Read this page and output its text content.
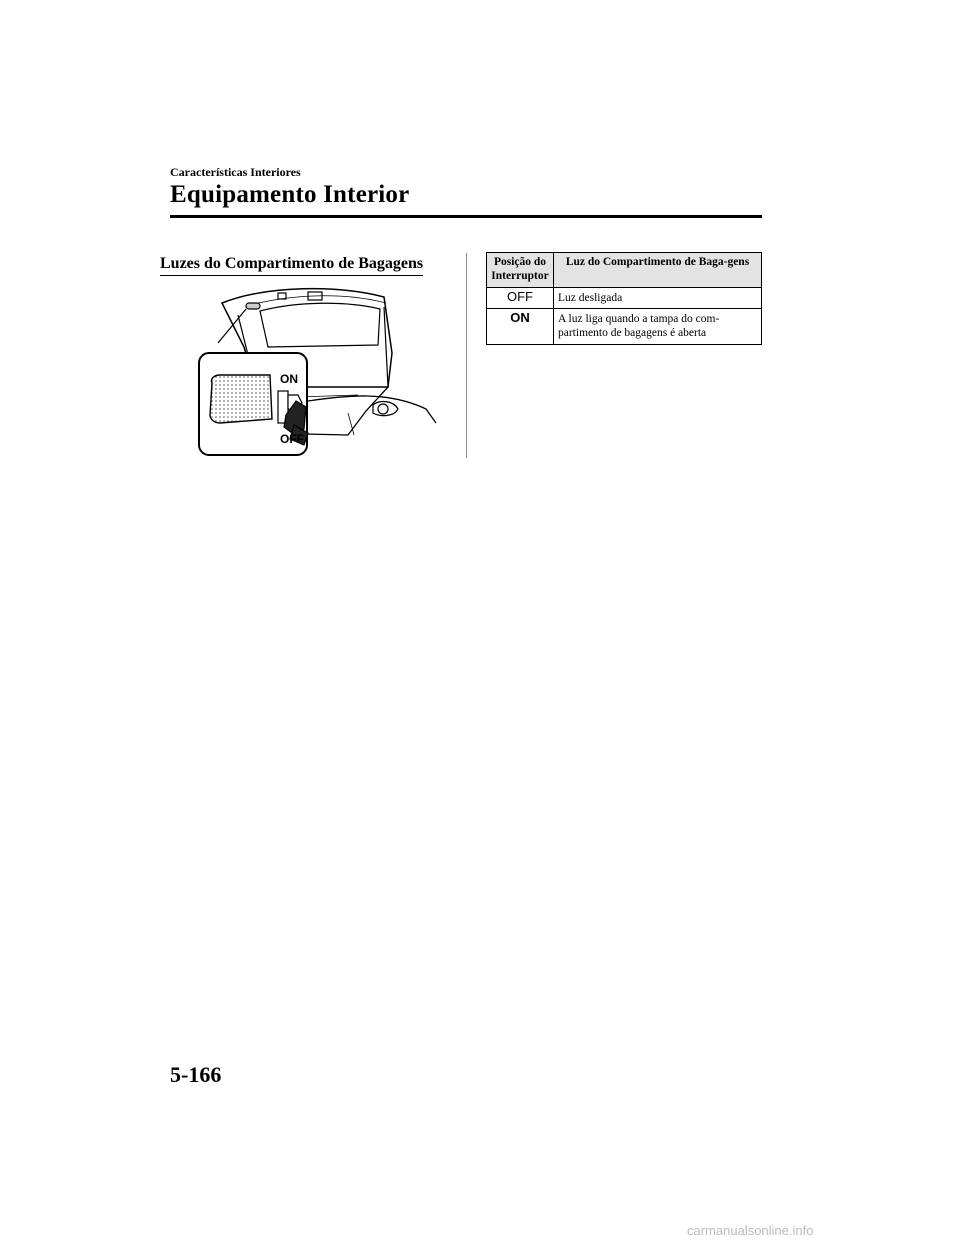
Características Interiores
Equipamento Interior
Luzes do Compartimento de Bagagens
ON
OFF
Posição do Interruptor	Luz do Compartimento de Baga-gens
OFF	Luz desligada
ON	A luz liga quando a tampa do com-partimento de bagagens é aberta
5-166
carmanualsonline.info
